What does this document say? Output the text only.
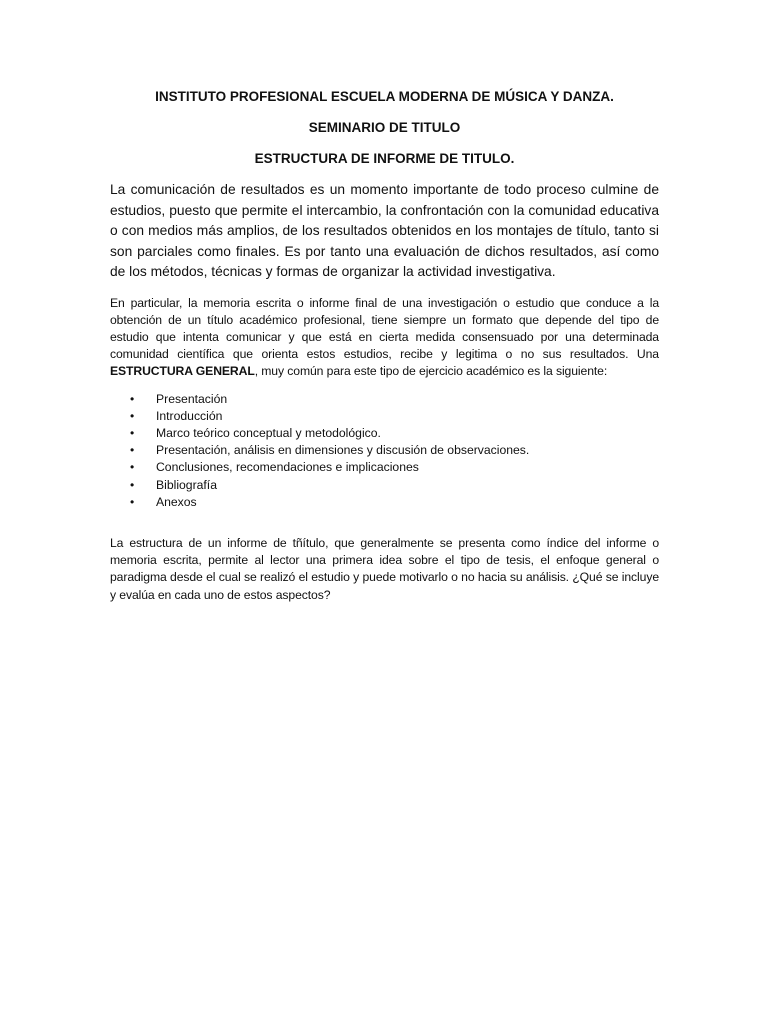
INSTITUTO PROFESIONAL ESCUELA MODERNA DE MÚSICA Y DANZA.

SEMINARIO DE TITULO

ESTRUCTURA DE INFORME DE TITULO.

La comunicación de resultados es un momento importante de todo proceso culmine de estudios, puesto que permite el intercambio, la confrontación con la comunidad educativa o con medios más amplios, de los resultados obtenidos en los montajes de título, tanto si son parciales como finales. Es por tanto una evaluación de dichos resultados, así como de los métodos, técnicas y formas de organizar la actividad investigativa.

En particular, la memoria escrita o informe final de una investigación o estudio que conduce a la obtención de un título académico profesional, tiene siempre un formato que depende del tipo de estudio que intenta comunicar y que está en cierta medida consensuado por una determinada comunidad científica que orienta estos estudios, recibe y legitima o no sus resultados. Una ESTRUCTURA GENERAL, muy común para este tipo de ejercicio académico es la siguiente:

• Presentación
• Introducción
• Marco teórico conceptual y metodológico.
• Presentación, análisis en dimensiones y discusión de observaciones.
• Conclusiones, recomendaciones e implicaciones
• Bibliografía
• Anexos

La estructura de un informe de tñítulo, que generalmente se presenta como índice del informe o memoria escrita, permite al lector una primera idea sobre el tipo de tesis, el enfoque general o paradigma desde el cual se realizó el estudio y puede motivarlo o no hacia su análisis. ¿Qué se incluye y evalúa en cada uno de estos aspectos?
